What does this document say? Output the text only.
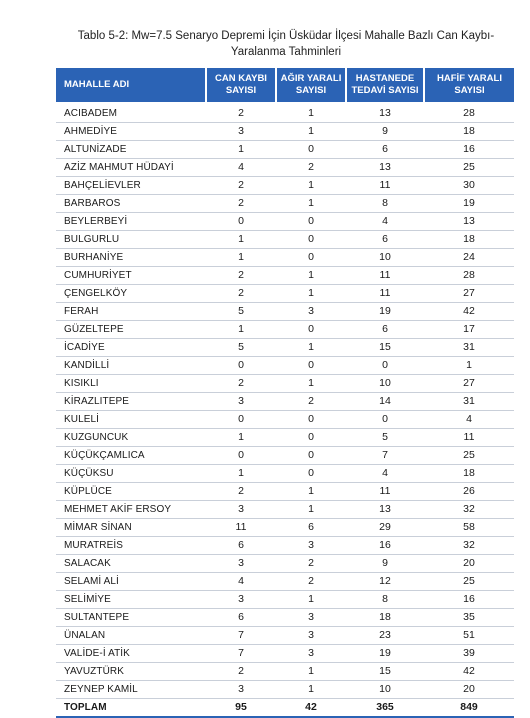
Tablo 5-2: Mw=7.5 Senaryo Depremi İçin Üsküdar İlçesi Mahalle Bazlı Can Kaybı-Yaralanma Tahminleri

MAHALLE ADI	CAN KAYBI SAYISI	AĞIR YARALI SAYISI	HASTANEDE TEDAVİ SAYISI	HAFİF YARALI SAYISI
ACIBADEM	2	1	13	28
AHMEDİYE	3	1	9	18
ALTUNİZADE	1	0	6	16
AZİZ MAHMUT HÜDAYİ	4	2	13	25
BAHÇELİEVLER	2	1	11	30
BARBAROS	2	1	8	19
BEYLERBEYİ	0	0	4	13
BULGURLU	1	0	6	18
BURHANİYE	1	0	10	24
CUMHURİYET	2	1	11	28
ÇENGELKÖY	2	1	11	27
FERAH	5	3	19	42
GÜZELTEPE	1	0	6	17
İCADİYE	5	1	15	31
KANDİLLİ	0	0	0	1
KISIKLI	2	1	10	27
KİRAZLITEPE	3	2	14	31
KULELİ	0	0	0	4
KUZGUNCUK	1	0	5	11
KÜÇÜKÇAMLICA	0	0	7	25
KÜÇÜKSU	1	0	4	18
KÜPLÜCE	2	1	11	26
MEHMET AKİF ERSOY	3	1	13	32
MİMAR SİNAN	11	6	29	58
MURATREİS	6	3	16	32
SALACAK	3	2	9	20
SELAMİ ALİ	4	2	12	25
SELİMİYE	3	1	8	16
SULTANTEPE	6	3	18	35
ÜNALAN	7	3	23	51
VALİDE-İ ATİK	7	3	19	39
YAVUZTÜRK	2	1	15	42
ZEYNEP KAMİL	3	1	10	20
TOPLAM	95	42	365	849
